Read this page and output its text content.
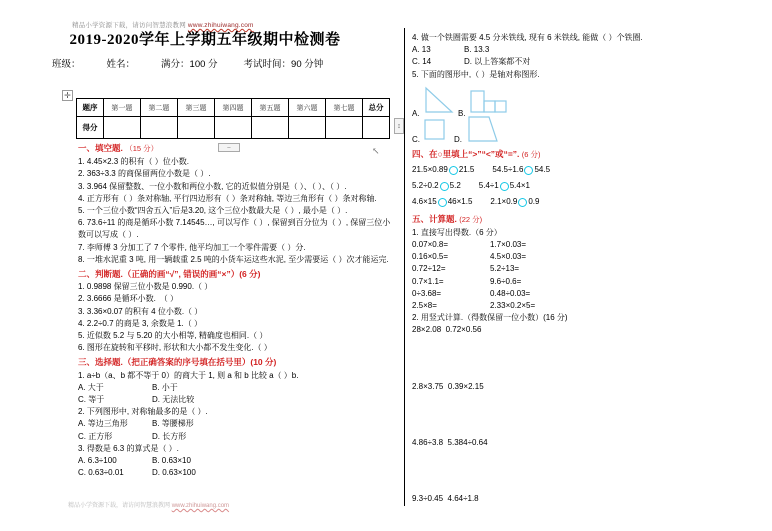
精品小学资源下载，请访问智慧浪教网 www.zhihuiwang.com
2019-2020学年上学期五年级期中检测卷
班级：	姓名：	满分：100 分	考试时间：90 分钟
✛
题序	第一题	第二题	第三题	第四题	第五题	第六题	第七题	总分
得分									↕
−	↖
一、填空题. （15 分）
1. 4.45×2.3 的积有（ ）位小数.
2. 363÷3.3 的商保留两位小数是（ ）.
3. 3.964 保留整数、一位小数和两位小数, 它的近似值分别是（ ）、（ ）、（ ）.
4. 正方形有（ ）条对称轴, 平行四边形有（ ）条对称轴, 等边三角形有（ ）条对称轴.
5. 一个三位小数“四舍五入”后是3.20, 这个三位小数最大是（ ）, 最小是（ ）.
6. 73.6÷11 的商是循环小数 7.14545…, 可以写作（ ）, 保留到百分位为（ ）, 保留三位小数可以写成（ ）.
7. 李师傅 3 分加工了 7 个零件, 他平均加工一个零件需要（ ）分.
8. 一堆水泥重 3 吨, 用一辆载重 2.5 吨的小货车运这些水泥, 至少需要运（ ）次才能运完.
二、判断题.（正确的画“√”, 错误的画“×”）(6 分)
1. 0.9898 保留三位小数是 0.990.（ ）
2. 3.6666 是循环小数.　（ ）
3. 3.36×0.07 的积有 4 位小数.（ ）
4. 2.2÷0.7 的商是 3, 余数是 1.（ ）
5. 近似数 5.2 与 5.20 的大小相等, 精确度也相同.（ ）
6. 图形在旋转和平移时, 形状和大小都不发生变化.（ ）
三、选择题.（把正确答案的序号填在括号里）(10 分)
1. a÷b（a、b 都不等于 0）的商大于 1, 则 a 和 b 比较 a（ ）b.
A. 大于	B. 小于
C. 等于	D. 无法比较
2. 下列图形中, 对称轴最多的是（ ）.
A. 等边三角形	B. 等腰梯形
C. 正方形	D. 长方形
3. 得数是 6.3 的算式是（ ）.
A. 6.3÷100	B. 0.63×10
C. 0.63÷0.01	D. 0.63×100
4. 做一个铁圈需要 4.5 分米铁线, 现有 6 米铁线, 能做（ ）个铁圈.
A. 13	B. 13.3
C. 14	D. 以上答案都不对
5. 下面的图形中,（ ）是轴对称图形.
A.	B.
C.	D.
四、在○里填上“>”“<”或“=”. (6 分)
21.5×0.89 21.5 54.5÷1.6 54.5
5.2÷0.2 5.2 5.4÷1 5.4×1
4.6×15 46×1.5 2.1×0.9 0.9
五、计算题. (22 分)
1. 直接写出得数.（6 分）
0.07×0.8=	1.7×0.03=
0.16×0.5=	4.5×0.03=
0.72÷12=	5.2÷13=
0.7×1.1=	9.6÷0.6=
0÷3.68=	0.48÷0.03=
2.5×8=	2.33×0.2×5=
2. 用竖式计算.（得数保留一位小数）(16 分)
28×2.08 0.72×0.56
2.8×3.75 0.39×2.15
4.86÷3.8 5.384÷0.64
9.3÷0.45 4.64÷1.8
精品小学资源下载，请访问智慧浪教网 www.zhihuiwang.com
